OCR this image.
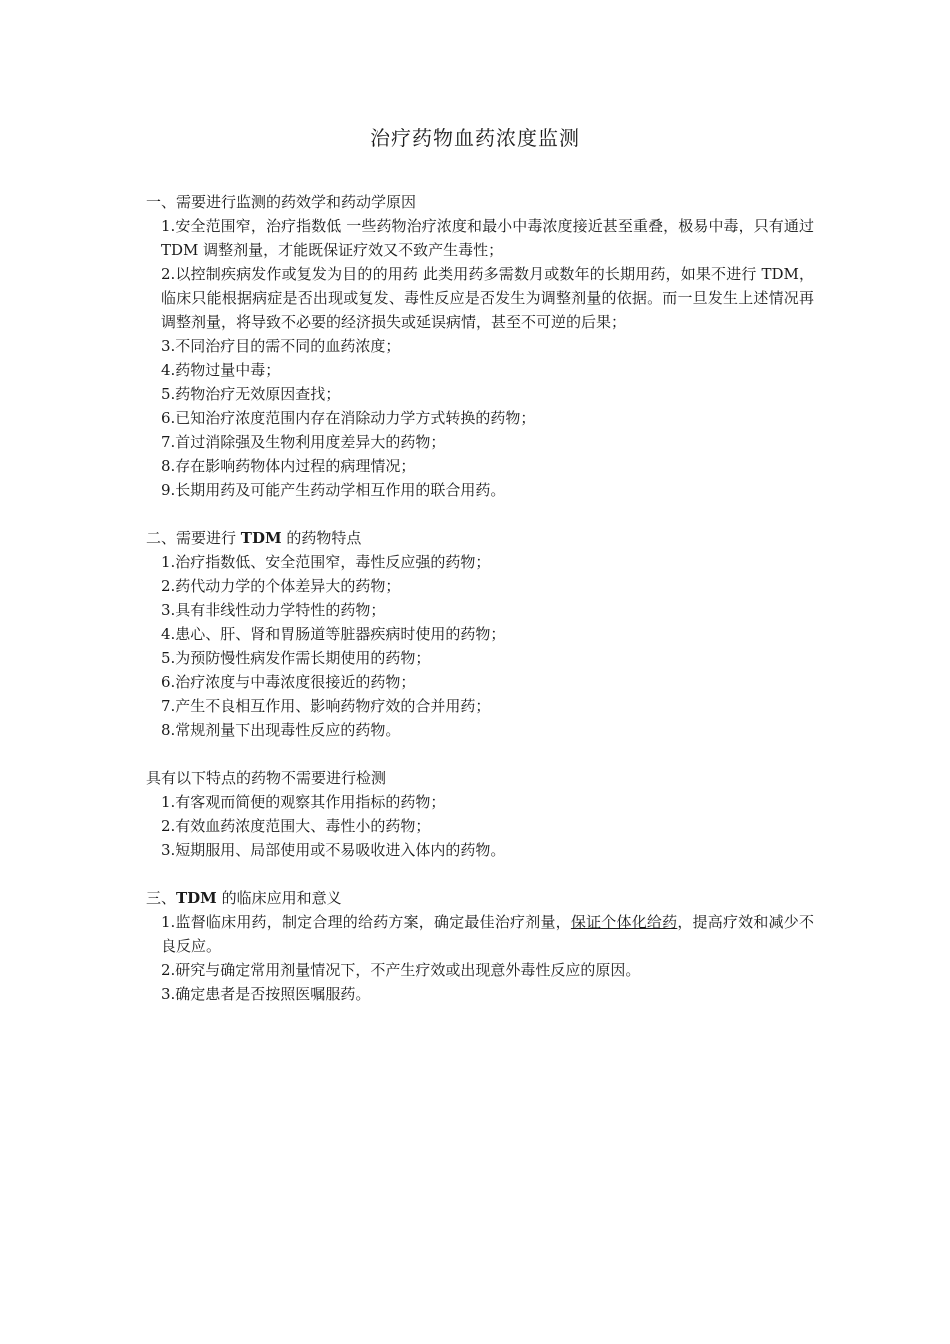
治疗药物血药浓度监测

一、需要进行监测的药效学和药动学原因

1.安全范围窄，治疗指数低 一些药物治疗浓度和最小中毒浓度接近甚至重叠，极易中毒，只有通过 TDM 调整剂量，才能既保证疗效又不致产生毒性；
2.以控制疾病发作或复发为目的的用药 此类用药多需数月或数年的长期用药，如果不进行 TDM，临床只能根据病症是否出现或复发、毒性反应是否发生为调整剂量的依据。而一旦发生上述情况再调整剂量，将导致不必要的经济损失或延误病情，甚至不可逆的后果；
3.不同治疗目的需不同的血药浓度；
4.药物过量中毒；
5.药物治疗无效原因查找；
6.已知治疗浓度范围内存在消除动力学方式转换的药物；
7.首过消除强及生物利用度差异大的药物；
8.存在影响药物体内过程的病理情况；
9.长期用药及可能产生药动学相互作用的联合用药。

二、需要进行 TDM 的药物特点

1.治疗指数低、安全范围窄，毒性反应强的药物；
2.药代动力学的个体差异大的药物；
3.具有非线性动力学特性的药物；
4.患心、肝、肾和胃肠道等脏器疾病时使用的药物；
5.为预防慢性病发作需长期使用的药物；
6.治疗浓度与中毒浓度很接近的药物；
7.产生不良相互作用、影响药物疗效的合并用药；
8.常规剂量下出现毒性反应的药物。

具有以下特点的药物不需要进行检测

1.有客观而简便的观察其作用指标的药物；
2.有效血药浓度范围大、毒性小的药物；
3.短期服用、局部使用或不易吸收进入体内的药物。

三、TDM 的临床应用和意义

1.监督临床用药，制定合理的给药方案，确定最佳治疗剂量，保证个体化给药，提高疗效和减少不良反应。
2.研究与确定常用剂量情况下，不产生疗效或出现意外毒性反应的原因。
3.确定患者是否按照医嘱服药。
